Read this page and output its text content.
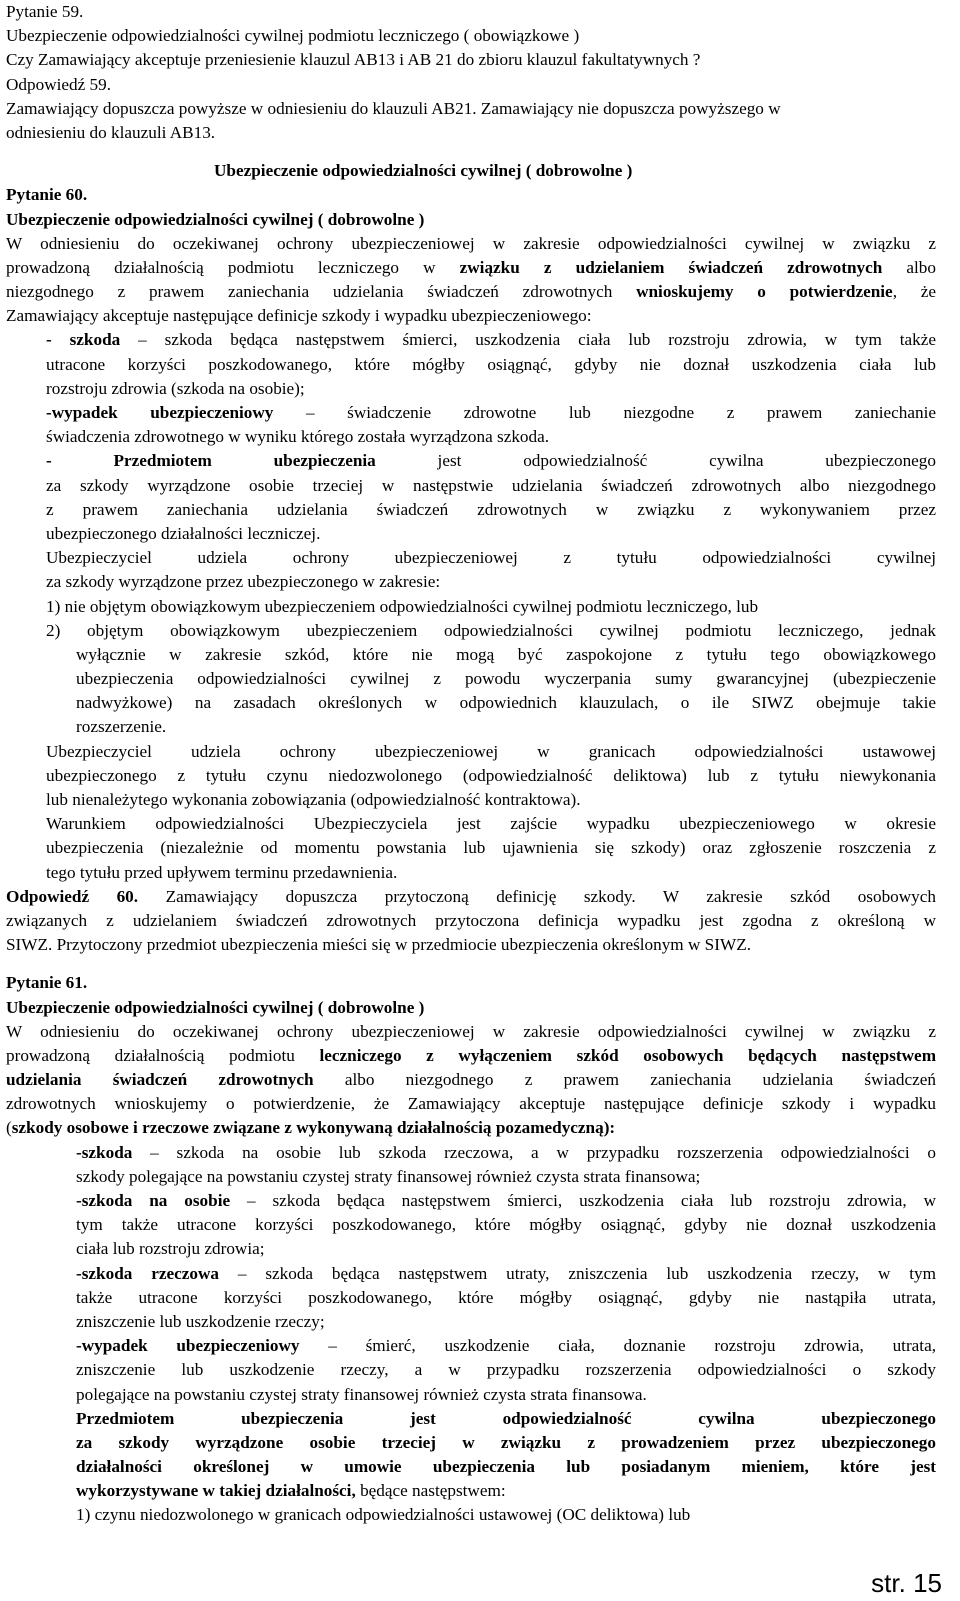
Pytanie 59.
Ubezpieczenie odpowiedzialności cywilnej podmiotu leczniczego ( obowiązkowe )
Czy Zamawiający akceptuje przeniesienie klauzul AB13 i AB 21 do zbioru klauzul fakultatywnych ?
Odpowiedź 59.
Zamawiający dopuszcza powyższe w odniesieniu do klauzuli AB21. Zamawiający nie dopuszcza powyższego w
odniesieniu do klauzuli AB13.
Ubezpieczenie odpowiedzialności cywilnej ( dobrowolne )
Pytanie 60.
Ubezpieczenie odpowiedzialności cywilnej ( dobrowolne )
W odniesieniu do oczekiwanej ochrony ubezpieczeniowej w zakresie odpowiedzialności cywilnej w związku z
prowadzoną działalnością podmiotu leczniczego w związku z udzielaniem świadczeń zdrowotnych albo
niezgodnego z prawem zaniechania udzielania świadczeń zdrowotnych wnioskujemy o potwierdzenie, że
Zamawiający akceptuje następujące definicje szkody i wypadku ubezpieczeniowego:
- szkoda – szkoda będąca następstwem śmierci, uszkodzenia ciała lub rozstroju zdrowia, w tym także
utracone korzyści poszkodowanego, które mógłby osiągnąć, gdyby nie doznał uszkodzenia ciała lub
rozstroju zdrowia (szkoda na osobie);
-wypadek ubezpieczeniowy – świadczenie zdrowotne lub niezgodne z prawem zaniechanie
świadczenia zdrowotnego w wyniku którego została wyrządzona szkoda.
- Przedmiotem ubezpieczenia jest odpowiedzialność cywilna ubezpieczonego
za szkody wyrządzone osobie trzeciej w następstwie udzielania świadczeń zdrowotnych albo niezgodnego
z prawem zaniechania udzielania świadczeń zdrowotnych w związku z wykonywaniem przez
ubezpieczonego działalności leczniczej.
Ubezpieczyciel udziela ochrony ubezpieczeniowej z tytułu odpowiedzialności cywilnej
za szkody wyrządzone przez ubezpieczonego w zakresie:
1) nie objętym obowiązkowym ubezpieczeniem odpowiedzialności cywilnej podmiotu leczniczego, lub
2) objętym obowiązkowym ubezpieczeniem odpowiedzialności cywilnej podmiotu leczniczego, jednak
wyłącznie w zakresie szkód, które nie mogą być zaspokojone z tytułu tego obowiązkowego
ubezpieczenia odpowiedzialności cywilnej z powodu wyczerpania sumy gwarancyjnej (ubezpieczenie
nadwyżkowe) na zasadach określonych w odpowiednich klauzulach, o ile SIWZ obejmuje takie
rozszerzenie.
Ubezpieczyciel udziela ochrony ubezpieczeniowej w granicach odpowiedzialności ustawowej
ubezpieczonego z tytułu czynu niedozwolonego (odpowiedzialność deliktowa) lub z tytułu niewykonania
lub nienależytego wykonania zobowiązania (odpowiedzialność kontraktowa).
Warunkiem odpowiedzialności Ubezpieczyciela jest zajście wypadku ubezpieczeniowego w okresie
ubezpieczenia (niezależnie od momentu powstania lub ujawnienia się szkody) oraz zgłoszenie roszczenia z
tego tytułu przed upływem terminu przedawnienia.
Odpowiedź 60. Zamawiający dopuszcza przytoczoną definicję szkody. W zakresie szkód osobowych
związanych z udzielaniem świadczeń zdrowotnych przytoczona definicja wypadku jest zgodna z określoną w
SIWZ. Przytoczony przedmiot ubezpieczenia mieści się w przedmiocie ubezpieczenia określonym w SIWZ.
Pytanie 61.
Ubezpieczenie odpowiedzialności cywilnej ( dobrowolne )
W odniesieniu do oczekiwanej ochrony ubezpieczeniowej w zakresie odpowiedzialności cywilnej w związku z
prowadzoną działalnością podmiotu leczniczego z wyłączeniem szkód osobowych będących następstwem
udzielania świadczeń zdrowotnych albo niezgodnego z prawem zaniechania udzielania świadczeń
zdrowotnych wnioskujemy o potwierdzenie, że Zamawiający akceptuje następujące definicje szkody i wypadku
(szkody osobowe i rzeczowe związane z wykonywaną działalnością pozamedyczną):
-szkoda – szkoda na osobie lub szkoda rzeczowa, a w przypadku rozszerzenia odpowiedzialności o
szkody polegające na powstaniu czystej straty finansowej również czysta strata finansowa;
-szkoda na osobie – szkoda będąca następstwem śmierci, uszkodzenia ciała lub rozstroju zdrowia, w
tym także utracone korzyści poszkodowanego, które mógłby osiągnąć, gdyby nie doznał uszkodzenia
ciała lub rozstroju zdrowia;
-szkoda rzeczowa – szkoda będąca następstwem utraty, zniszczenia lub uszkodzenia rzeczy, w tym
także utracone korzyści poszkodowanego, które mógłby osiągnąć, gdyby nie nastąpiła utrata,
zniszczenie lub uszkodzenie rzeczy;
-wypadek ubezpieczeniowy – śmierć, uszkodzenie ciała, doznanie rozstroju zdrowia, utrata,
zniszczenie lub uszkodzenie rzeczy, a w przypadku rozszerzenia odpowiedzialności o szkody
polegające na powstaniu czystej straty finansowej również czysta strata finansowa.
Przedmiotem ubezpieczenia jest odpowiedzialność cywilna ubezpieczonego
za szkody wyrządzone osobie trzeciej w związku z prowadzeniem przez ubezpieczonego
działalności określonej w umowie ubezpieczenia lub posiadanym mieniem, które jest
wykorzystywane w takiej działalności, będące następstwem:
1) czynu niedozwolonego w granicach odpowiedzialności ustawowej (OC deliktowa) lub
str. 15
